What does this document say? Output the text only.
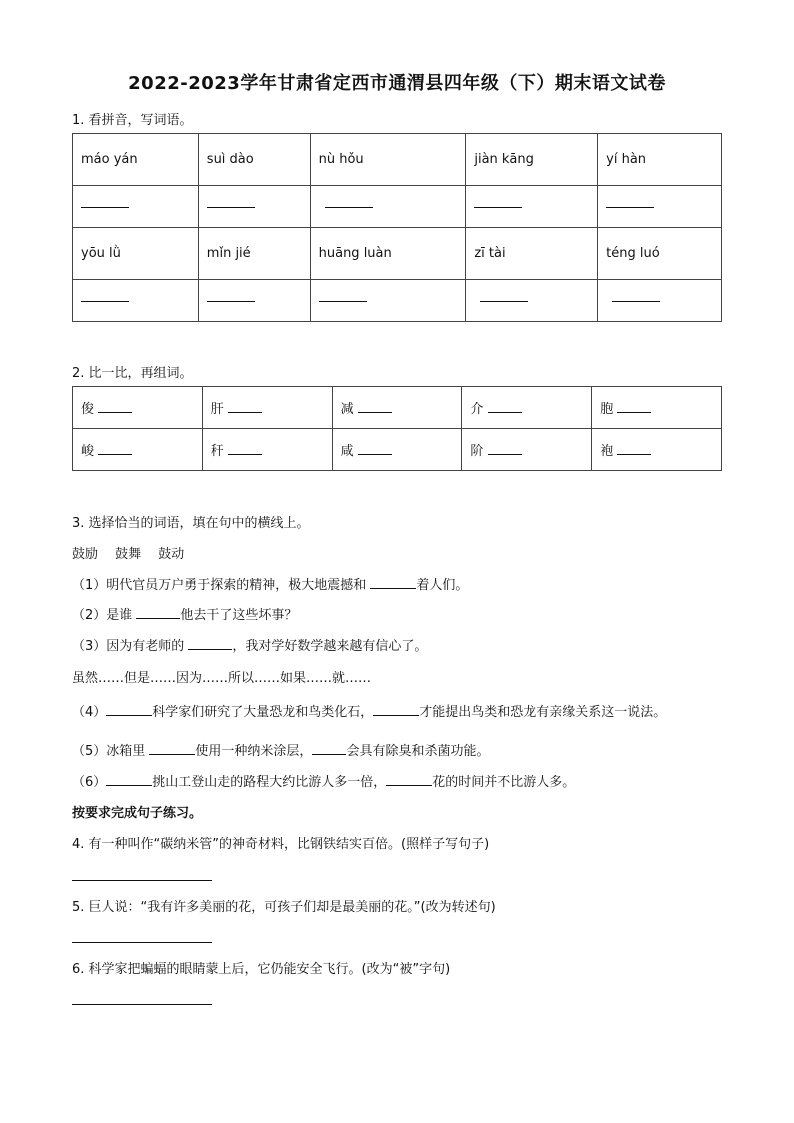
2022-2023学年甘肃省定西市通渭县四年级（下）期末语文试卷
1. 看拼音，写词语。
máo yán	suì dào	nù hǒu	jiàn kāng	yí hàn

yōu lǜ	mǐn jié	huāng luàn	zī tài	téng luó

2. 比一比，再组词。
俊	肝	减	介	胞
峻	秆	咸	阶	袍
3. 选择恰当的词语，填在句中的横线上。
鼓励　 鼓舞　 鼓动
（1）明代官员万户勇于探索的精神，极大地震撼和	着人们。
（2）是谁	他去干了这些坏事？
（3）因为有老师的	，我对学好数学越来越有信心了。
虽然……但是……因为……所以……如果……就……
（4）	科学家们研究了大量恐龙和鸟类化石，	才能提出鸟类和恐龙有亲缘关系这一说法。
（5）冰箱里	使用一种纳米涂层，	会具有除臭和杀菌功能。
（6）	挑山工登山走的路程大约比游人多一倍，	花的时间并不比游人多。
按要求完成句子练习。
4. 有一种叫作“碳纳米管”的神奇材料，比钢铁结实百倍。(照样子写句子)
5. 巨人说：“我有许多美丽的花，可孩子们却是最美丽的花。”(改为转述句)
6. 科学家把蝙蝠的眼睛蒙上后，它仍能安全飞行。(改为“被”字句)
